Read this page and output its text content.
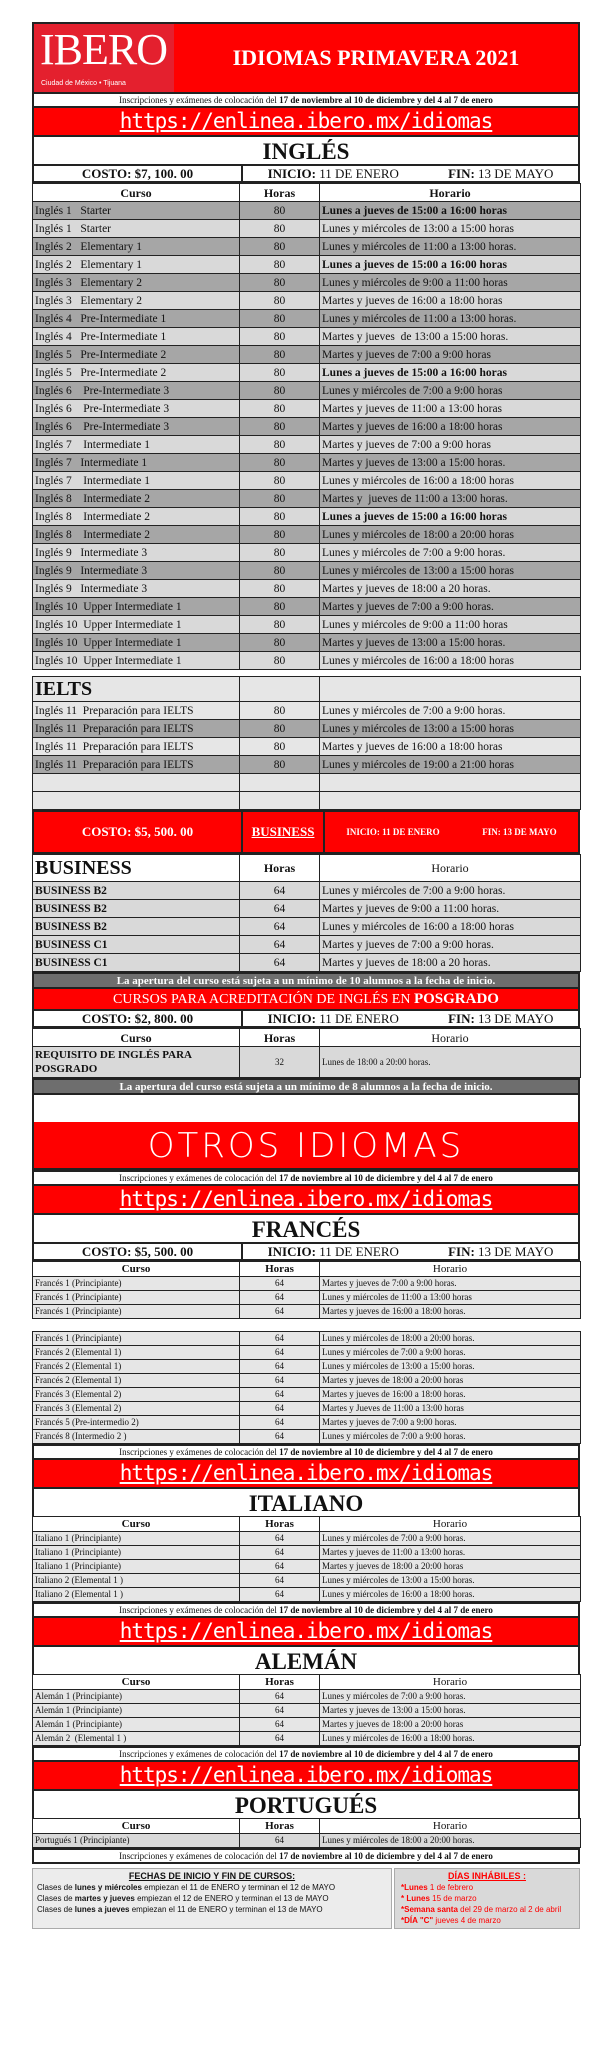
IBERO
Ciudad de México • Tijuana
IDIOMAS PRIMAVERA 2021
Inscripciones y exámenes de colocación del 17 de noviembre al 10 de diciembre y del 4 al 7 de enero
https://enlinea.ibero.mx/idiomas
INGLÉS
COSTO: $7, 100. 00	INICIO: 11 DE ENERO	FIN: 13 DE MAYO
Curso	Horas	Horario
Inglés 1   Starter	80	Lunes a jueves de 15:00 a 16:00 horas
Inglés 1   Starter	80	Lunes y miércoles de 13:00 a 15:00 horas
Inglés 2   Elementary 1	80	Lunes y miércoles de 11:00 a 13:00 horas.
Inglés 2   Elementary 1	80	Lunes a jueves de 15:00 a 16:00 horas
Inglés 3   Elementary 2	80	Lunes y miércoles de 9:00 a 11:00 horas
Inglés 3   Elementary 2	80	Martes y jueves de 16:00 a 18:00 horas
Inglés 4   Pre-Intermediate 1	80	Lunes y miércoles de 11:00 a 13:00 horas.
Inglés 4   Pre-Intermediate 1	80	Martes y jueves  de 13:00 a 15:00 horas.
Inglés 5   Pre-Intermediate 2	80	Martes y jueves de 7:00 a 9:00 horas
Inglés 5   Pre-Intermediate 2	80	Lunes a jueves de 15:00 a 16:00 horas
Inglés 6    Pre-Intermediate 3	80	Lunes y miércoles de 7:00 a 9:00 horas
Inglés 6    Pre-Intermediate 3	80	Martes y jueves de 11:00 a 13:00 horas
Inglés 6    Pre-Intermediate 3	80	Martes y jueves de 16:00 a 18:00 horas
Inglés 7    Intermediate 1	80	Martes y jueves de 7:00 a 9:00 horas
Inglés 7   Intermediate 1	80	Martes y jueves de 13:00 a 15:00 horas.
Inglés 7    Intermediate 1	80	Lunes y miércoles de 16:00 a 18:00 horas
Inglés 8    Intermediate 2	80	Martes y  jueves de 11:00 a 13:00 horas.
Inglés 8    Intermediate 2	80	Lunes a jueves de 15:00 a 16:00 horas
Inglés 8    Intermediate 2	80	Lunes y miércoles de 18:00 a 20:00 horas
Inglés 9   Intermediate 3	80	Lunes y miércoles de 7:00 a 9:00 horas.
Inglés 9   Intermediate 3	80	Lunes y miércoles de 13:00 a 15:00 horas
Inglés 9   Intermediate 3	80	Martes y jueves de 18:00 a 20 horas.
Inglés 10  Upper Intermediate 1	80	Martes y jueves de 7:00 a 9:00 horas.
Inglés 10  Upper Intermediate 1	80	Lunes y miércoles de 9:00 a 11:00 horas
Inglés 10  Upper Intermediate 1	80	Martes y jueves de 13:00 a 15:00 horas.
Inglés 10  Upper Intermediate 1	80	Lunes y miércoles de 16:00 a 18:00 horas
IELTS		
Inglés 11  Preparación para IELTS	80	Lunes y miércoles de 7:00 a 9:00 horas.
Inglés 11  Preparación para IELTS	80	Lunes y miércoles de 13:00 a 15:00 horas
Inglés 11  Preparación para IELTS	80	Martes y jueves de 16:00 a 18:00 horas
Inglés 11  Preparación para IELTS	80	Lunes y miércoles de 19:00 a 21:00 horas

COSTO: $5, 500. 00	BUSINESS	INICIO: 11 DE ENERO	FIN: 13 DE MAYO
BUSINESS	Horas	Horario
BUSINESS B2	64	Lunes y miércoles de 7:00 a 9:00 horas.
BUSINESS B2	64	Martes y jueves de 9:00 a 11:00 horas.
BUSINESS B2	64	Lunes y miércoles de 16:00 a 18:00 horas
BUSINESS C1	64	Martes y jueves de 7:00 a 9:00 horas.
BUSINESS C1	64	Martes y jueves de 18:00 a 20 horas.
La apertura del curso está sujeta a un mínimo de 10 alumnos a la fecha de inicio.
CURSOS PARA ACREDITACIÓN DE INGLÉS EN POSGRADO
COSTO: $2, 800. 00	INICIO: 11 DE ENERO	FIN: 13 DE MAYO
Curso	Horas	Horario
REQUISITO DE INGLÉS PARA POSGRADO	32	Lunes de 18:00 a 20:00 horas.
La apertura del curso está sujeta a un mínimo de 8 alumnos a la fecha de inicio.
OTROS IDIOMAS
Inscripciones y exámenes de colocación del 17 de noviembre al 10 de diciembre y del 4 al 7 de enero
https://enlinea.ibero.mx/idiomas
FRANCÉS
COSTO: $5, 500. 00	INICIO: 11 DE ENERO	FIN: 13 DE MAYO
Curso	Horas	Horario
Francés 1 (Principiante)	64	Martes y jueves de 7:00 a 9:00 horas.
Francés 1 (Principiante)	64	Lunes y miércoles de 11:00 a 13:00 horas
Francés 1 (Principiante)	64	Martes y jueves de 16:00 a 18:00 horas.
Francés 1 (Principiante)	64	Lunes y miércoles de 18:00 a 20:00 horas.
Francés 2 (Elemental 1)	64	Lunes y miércoles de 7:00 a 9:00 horas.
Francés 2 (Elemental 1)	64	Lunes y miércoles de 13:00 a 15:00 horas.
Francés 2 (Elemental 1)	64	Martes y jueves de 18:00 a 20:00 horas
Francés 3 (Elemental 2)	64	Martes y jueves de 16:00 a 18:00 horas.
Francés 3 (Elemental 2)	64	Martes y Jueves de 11:00 a 13:00 horas
Francés 5 (Pre-intermedio 2)	64	Martes y jueves de 7:00 a 9:00 horas.
Francés 8 (Intermedio 2 )	64	Lunes y miércoles de 7:00 a 9:00 horas.
Inscripciones y exámenes de colocación del 17 de noviembre al 10 de diciembre y del 4 al 7 de enero
https://enlinea.ibero.mx/idiomas
ITALIANO
Curso	Horas	Horario
Italiano 1 (Principiante)	64	Lunes y miércoles de 7:00 a 9:00 horas.
Italiano 1 (Principiante)	64	Martes y jueves de 11:00 a 13:00 horas.
Italiano 1 (Principiante)	64	Martes y jueves de 18:00 a 20:00 horas
Italiano 2 (Elemental 1 )	64	Lunes y miércoles de 13:00 a 15:00 horas.
Italiano 2 (Elemental 1 )	64	Lunes y miércoles de 16:00 a 18:00 horas.
Inscripciones y exámenes de colocación del 17 de noviembre al 10 de diciembre y del 4 al 7 de enero
https://enlinea.ibero.mx/idiomas
ALEMÁN
Curso	Horas	Horario
Alemán 1 (Principiante)	64	Lunes y miércoles de 7:00 a 9:00 horas.
Alemán 1 (Principiante)	64	Martes y jueves de 13:00 a 15:00 horas.
Alemán 1 (Principiante)	64	Martes y jueves de 18:00 a 20:00 horas
Alemán 2  (Elemental 1 )	64	Lunes y miércoles de 16:00 a 18:00 horas.
Inscripciones y exámenes de colocación del 17 de noviembre al 10 de diciembre y del 4 al 7 de enero
https://enlinea.ibero.mx/idiomas
PORTUGUÉS
Curso	Horas	Horario
Portugués 1 (Principiante)	64	Lunes y miércoles de 18:00 a 20:00 horas.
Inscripciones y exámenes de colocación del 17 de noviembre al 10 de diciembre y del 4 al 7 de enero
FECHAS DE INICIO Y FIN DE CURSOS:
Clases de lunes y miércoles empiezan el 11 de ENERO y terminan el 12 de MAYO
Clases de martes y jueves empiezan el 12 de ENERO y terminan el 13 de MAYO
Clases de lunes a jueves empiezan el 11 de ENERO y terminan el 13 de MAYO
DÍAS INHÁBILES :
*Lunes 1 de febrero
* Lunes 15 de marzo
*Semana santa del 29 de marzo al 2 de abril
*DÍA "C" jueves 4 de marzo
